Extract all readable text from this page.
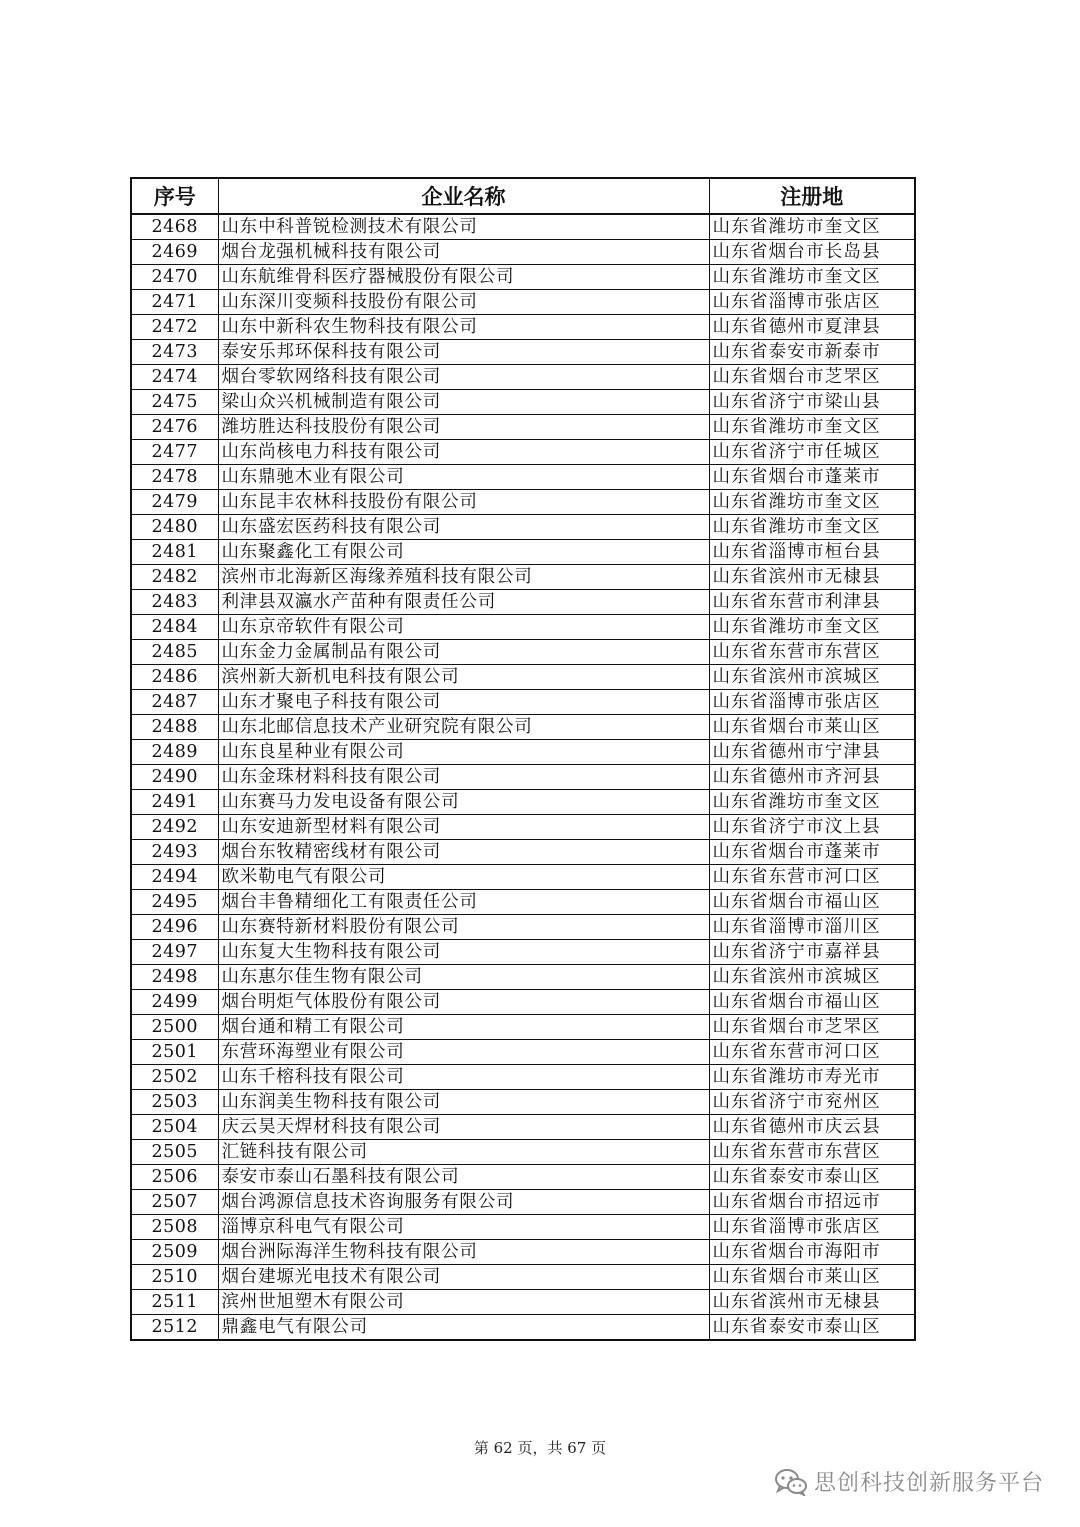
序号	企业名称	注册地
2468	山东中科普锐检测技术有限公司	山东省潍坊市奎文区
2469	烟台龙强机械科技有限公司	山东省烟台市长岛县
2470	山东航维骨科医疗器械股份有限公司	山东省潍坊市奎文区
2471	山东深川变频科技股份有限公司	山东省淄博市张店区
2472	山东中新科农生物科技有限公司	山东省德州市夏津县
2473	泰安乐邦环保科技有限公司	山东省泰安市新泰市
2474	烟台零软网络科技有限公司	山东省烟台市芝罘区
2475	梁山众兴机械制造有限公司	山东省济宁市梁山县
2476	潍坊胜达科技股份有限公司	山东省潍坊市奎文区
2477	山东尚核电力科技有限公司	山东省济宁市任城区
2478	山东鼎驰木业有限公司	山东省烟台市蓬莱市
2479	山东昆丰农林科技股份有限公司	山东省潍坊市奎文区
2480	山东盛宏医药科技有限公司	山东省潍坊市奎文区
2481	山东聚鑫化工有限公司	山东省淄博市桓台县
2482	滨州市北海新区海缘养殖科技有限公司	山东省滨州市无棣县
2483	利津县双瀛水产苗种有限责任公司	山东省东营市利津县
2484	山东京帝软件有限公司	山东省潍坊市奎文区
2485	山东金力金属制品有限公司	山东省东营市东营区
2486	滨州新大新机电科技有限公司	山东省滨州市滨城区
2487	山东才聚电子科技有限公司	山东省淄博市张店区
2488	山东北邮信息技术产业研究院有限公司	山东省烟台市莱山区
2489	山东良星种业有限公司	山东省德州市宁津县
2490	山东金珠材料科技有限公司	山东省德州市齐河县
2491	山东赛马力发电设备有限公司	山东省潍坊市奎文区
2492	山东安迪新型材料有限公司	山东省济宁市汶上县
2493	烟台东牧精密线材有限公司	山东省烟台市蓬莱市
2494	欧米勒电气有限公司	山东省东营市河口区
2495	烟台丰鲁精细化工有限责任公司	山东省烟台市福山区
2496	山东赛特新材料股份有限公司	山东省淄博市淄川区
2497	山东复大生物科技有限公司	山东省济宁市嘉祥县
2498	山东惠尔佳生物有限公司	山东省滨州市滨城区
2499	烟台明炬气体股份有限公司	山东省烟台市福山区
2500	烟台通和精工有限公司	山东省烟台市芝罘区
2501	东营环海塑业有限公司	山东省东营市河口区
2502	山东千榕科技有限公司	山东省潍坊市寿光市
2503	山东润美生物科技有限公司	山东省济宁市兖州区
2504	庆云昊天焊材科技有限公司	山东省德州市庆云县
2505	汇链科技有限公司	山东省东营市东营区
2506	泰安市泰山石墨科技有限公司	山东省泰安市泰山区
2507	烟台鸿源信息技术咨询服务有限公司	山东省烟台市招远市
2508	淄博京科电气有限公司	山东省淄博市张店区
2509	烟台洲际海洋生物科技有限公司	山东省烟台市海阳市
2510	烟台建塬光电技术有限公司	山东省烟台市莱山区
2511	滨州世旭塑木有限公司	山东省滨州市无棣县
2512	鼎鑫电气有限公司	山东省泰安市泰山区
第 62 页，共 67 页
思创科技创新服务平台
